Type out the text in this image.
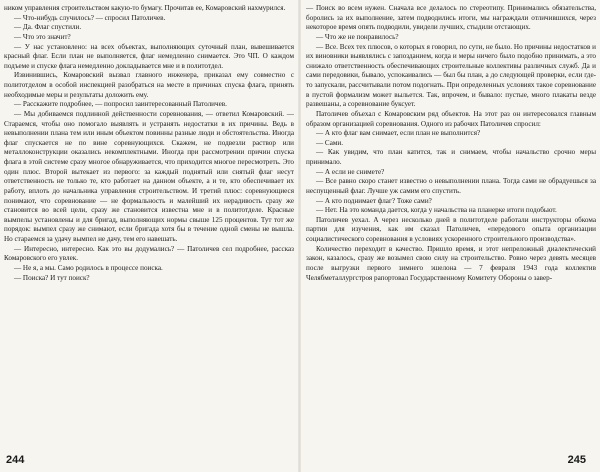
ником управления строительством какую-то бумагу. Прочитав ее, Комаровский нахмурился.

— Что-нибудь случилось? — спросил Патоличев.

— Да. Флаг спустили.

— Что это значит?

— У нас установлено: на всех объектах, выполняющих суточный план, вывешивается красный флаг. Если план не выполняется, флаг немедленно снимается. Это ЧП. О каждом подъеме и спуске флага немедленно докладывается мне и в политотдел.

Извинившись, Комаровский вызвал главного инженера, приказал ему совместно с политотделом в особой инспекцией разобраться на месте в причинах спуска флага, принять необходимые меры и результаты доложить ему.

— Расскажите подробнее, — попросил заинтересованный Патоличев.

— Мы добиваемся подлинной действенности соревнования, — ответил Комаровский. — Стараемся, чтобы оно помогало выявлять и устранять недостатки в их причины. Ведь в невыполнении плана тем или иным объектом повинны разные люди и обстоятельства. Иногда флаг спускается не по вине соревнующихся. Скажем, не подвезли раствор или металлоконструкции оказались некомплектными. Иногда при рассмотрении причин спуска флага в этой системе сразу многое обнаруживается, что приходится многое пересмотреть. Это один плюс. Второй вытекает из первого: за каждый поднятый или снятый флаг несут ответственность не только те, кто работает на данном объекте, а и те, кто обеспечивает их работу, вплоть до начальника управления строительством. И третий плюс: соревнующиеся понимают, что соревнование — не формальность и малейший их нерадивость сразу же становится во всей цели, сразу же становится известна мне и в политотделе. Красные вымпелы установлены и для бригад, выполняющих нормы свыше 125 процентов. Тут тот же порядок: вымпел сразу же снимают, если бригада хотя бы в течение одной смены не вышла. Но стараемся за удачу вымпел не дачу, тем его навешать.

— Интересно, интересно. Как это вы додумались? — Патоличев сел подробнее, рассказ Комаровского его увлек.

— Не я, а мы. Само родилось в процессе поиска.

— Поиска? И тут поиск?

— Поиск во всем нужен. Сначала все делалось по стереотипу. Принимались обязательства, боролись за их выполнение, затем подводились итоги, мы награждали отличившихся, через некоторое время опять подводили, увидели лучших, стыдили отстающих.

— Что же не понравилось?

— Все. Всех тех плюсов, о которых я говорил, по сути, не было. Но причины недостатков и их виновники выявлялись с запозданием, когда и меры ничего было подобно принимать, а это снижало ответственность обеспечивающих строительные коллективы различных служб. Да и сами передовики, бывало, успокаивались — был бы план, а до следующей проверки, если где-то запускали, рассчитывали потом подогнать. При определенных условиях такое соревнование в пустой формализм может выльется. Так, впрочем, и бывало: пустые, много плакаты везде развешаны, а соревнование буксует.

Патоличев объехал с Комаровским ряд объектов. На этот раз он интересовался главным образом организацией соревнования. Одного из рабочих Патоличев спросил:

— А кто флаг вам снимает, если план не выполнится?

— Сами.

— Как увидим, что план катится, так и снимаем, чтобы начальство срочно меры принимало.

— А если не снимете?

— Все равно скоро станет известно о невыполнении плана. Тогда сами не обрадуешься за неспущенный флаг. Лучше уж самим его спустить.

— А кто поднимает флаг? Тоже сами?

— Нет. На это команда дается, когда у начальства на планерке итоги подобьют.

Патоличев уехал. А через несколько дней в политотделе работали инструкторы обкома партии для изучения, как им сказал Патоличев, «передового опыта организации социалистического соревнования в условиях ускоренного строительного производства».

Количество переходит в качество. Пришло время, и этот непреложный диалектический закон, казалось, сразу же возымел свою силу на строительство. Ровно через девять месяцев после выгрузки первого зимнего эшелона — 7 февраля 1943 года коллектив Челябметаллургстроя рапортовал Государственному Комитету Обороны о завер-

244	245
